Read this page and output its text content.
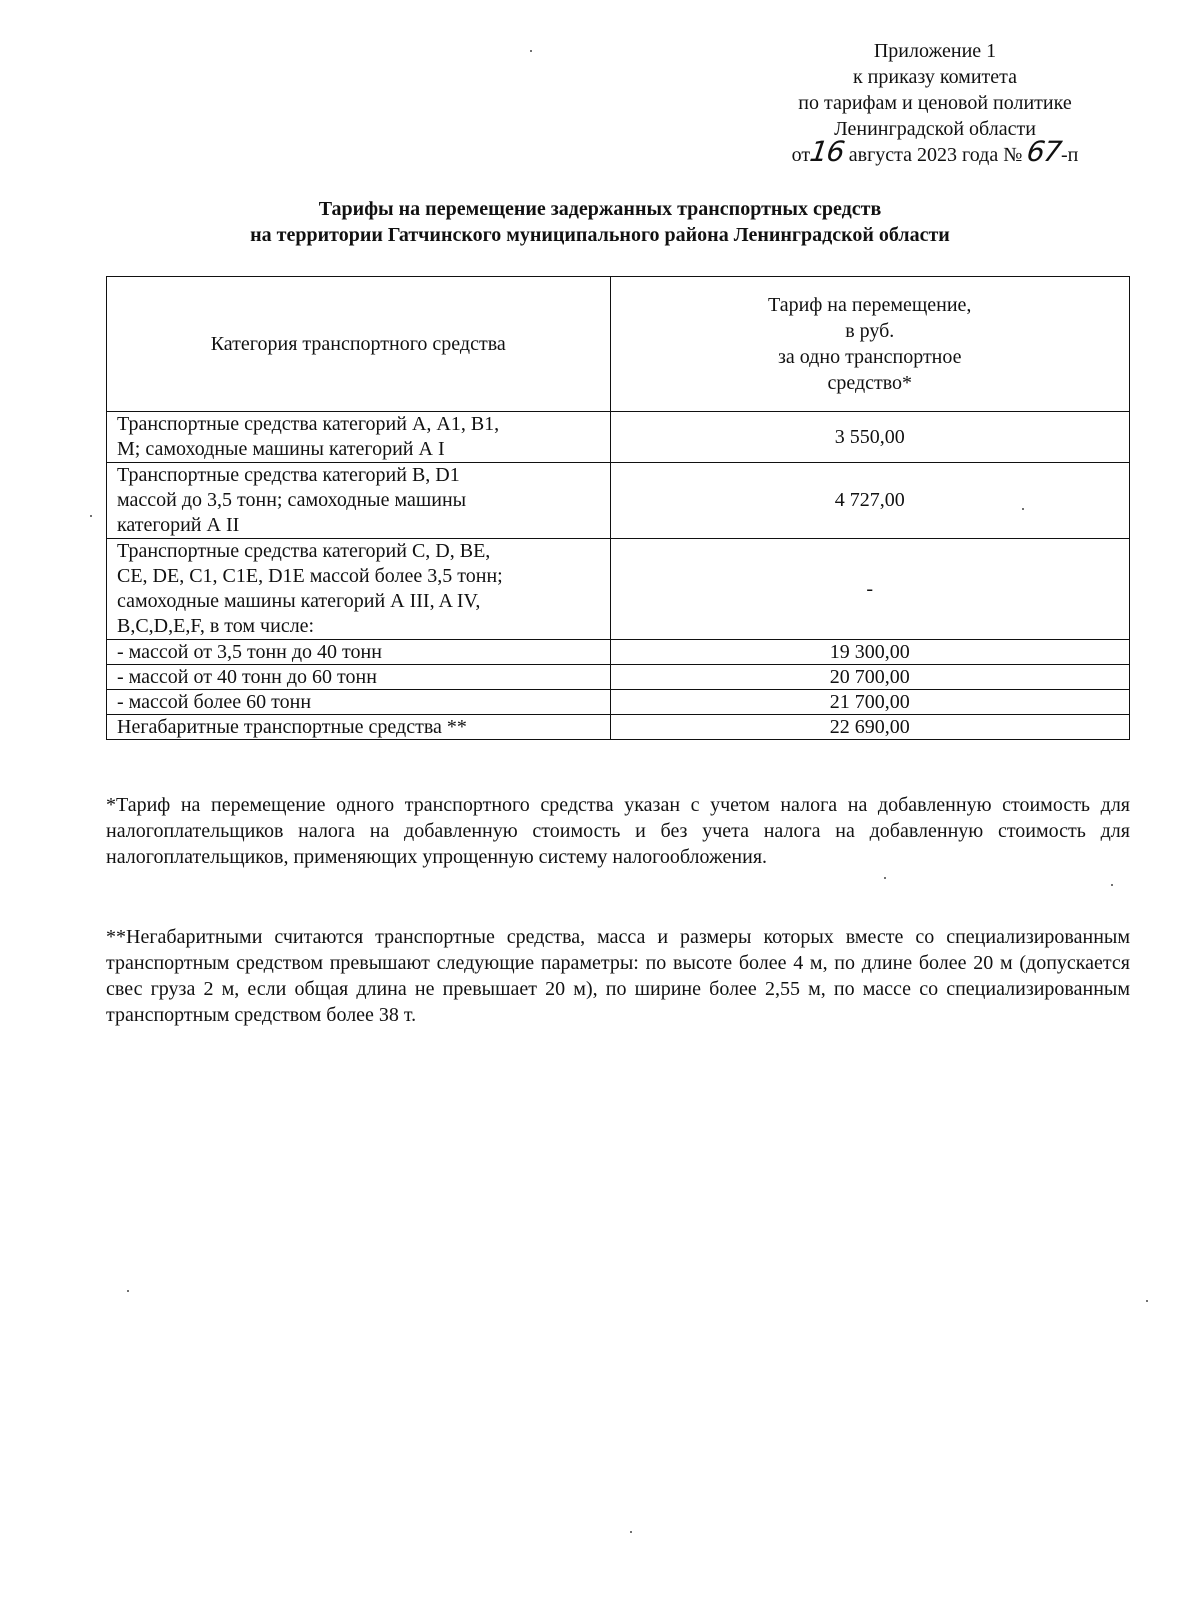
Приложение 1
к приказу комитета
по тарифам и ценовой политике
Ленинградской области
от16 августа 2023 года № 67-п
Тарифы на перемещение задержанных транспортных средств
на территории Гатчинского муниципального района Ленинградской области
Категория транспортного средства	Тариф на перемещение,
в руб.
за одно транспортное
средство*

Транспортные средства категорий А, А1, В1,
М; самоходные машины категорий А I	3 550,00

Транспортные средства категорий В, D1
массой до 3,5 тонн; самоходные машины
категорий А II	4 727,00

Транспортные средства категорий С, D, ВЕ,
СЕ, DE, С1, С1Е, D1E массой более 3,5 тонн;
самоходные машины категорий А III, A IV,
B,C,D,E,F, в том числе:	-
- массой от 3,5 тонн до 40 тонн	19 300,00
- массой от 40 тонн до 60 тонн	20 700,00
- массой более 60 тонн	21 700,00
Негабаритные транспортные средства **	22 690,00
*Тариф на перемещение одного транспортного средства указан с учетом налога на добавленную стоимость для налогоплательщиков налога на добавленную стоимость и без учета налога на добавленную стоимость для налогоплательщиков, применяющих упрощенную систему налогообложения.
**Негабаритными считаются транспортные средства, масса и размеры которых вместе со специализированным транспортным средством превышают следующие параметры: по высоте более 4 м, по длине более 20 м (допускается свес груза 2 м, если общая длина не превышает 20 м), по ширине более 2,55 м, по массе со специализированным транспортным средством более 38 т.
